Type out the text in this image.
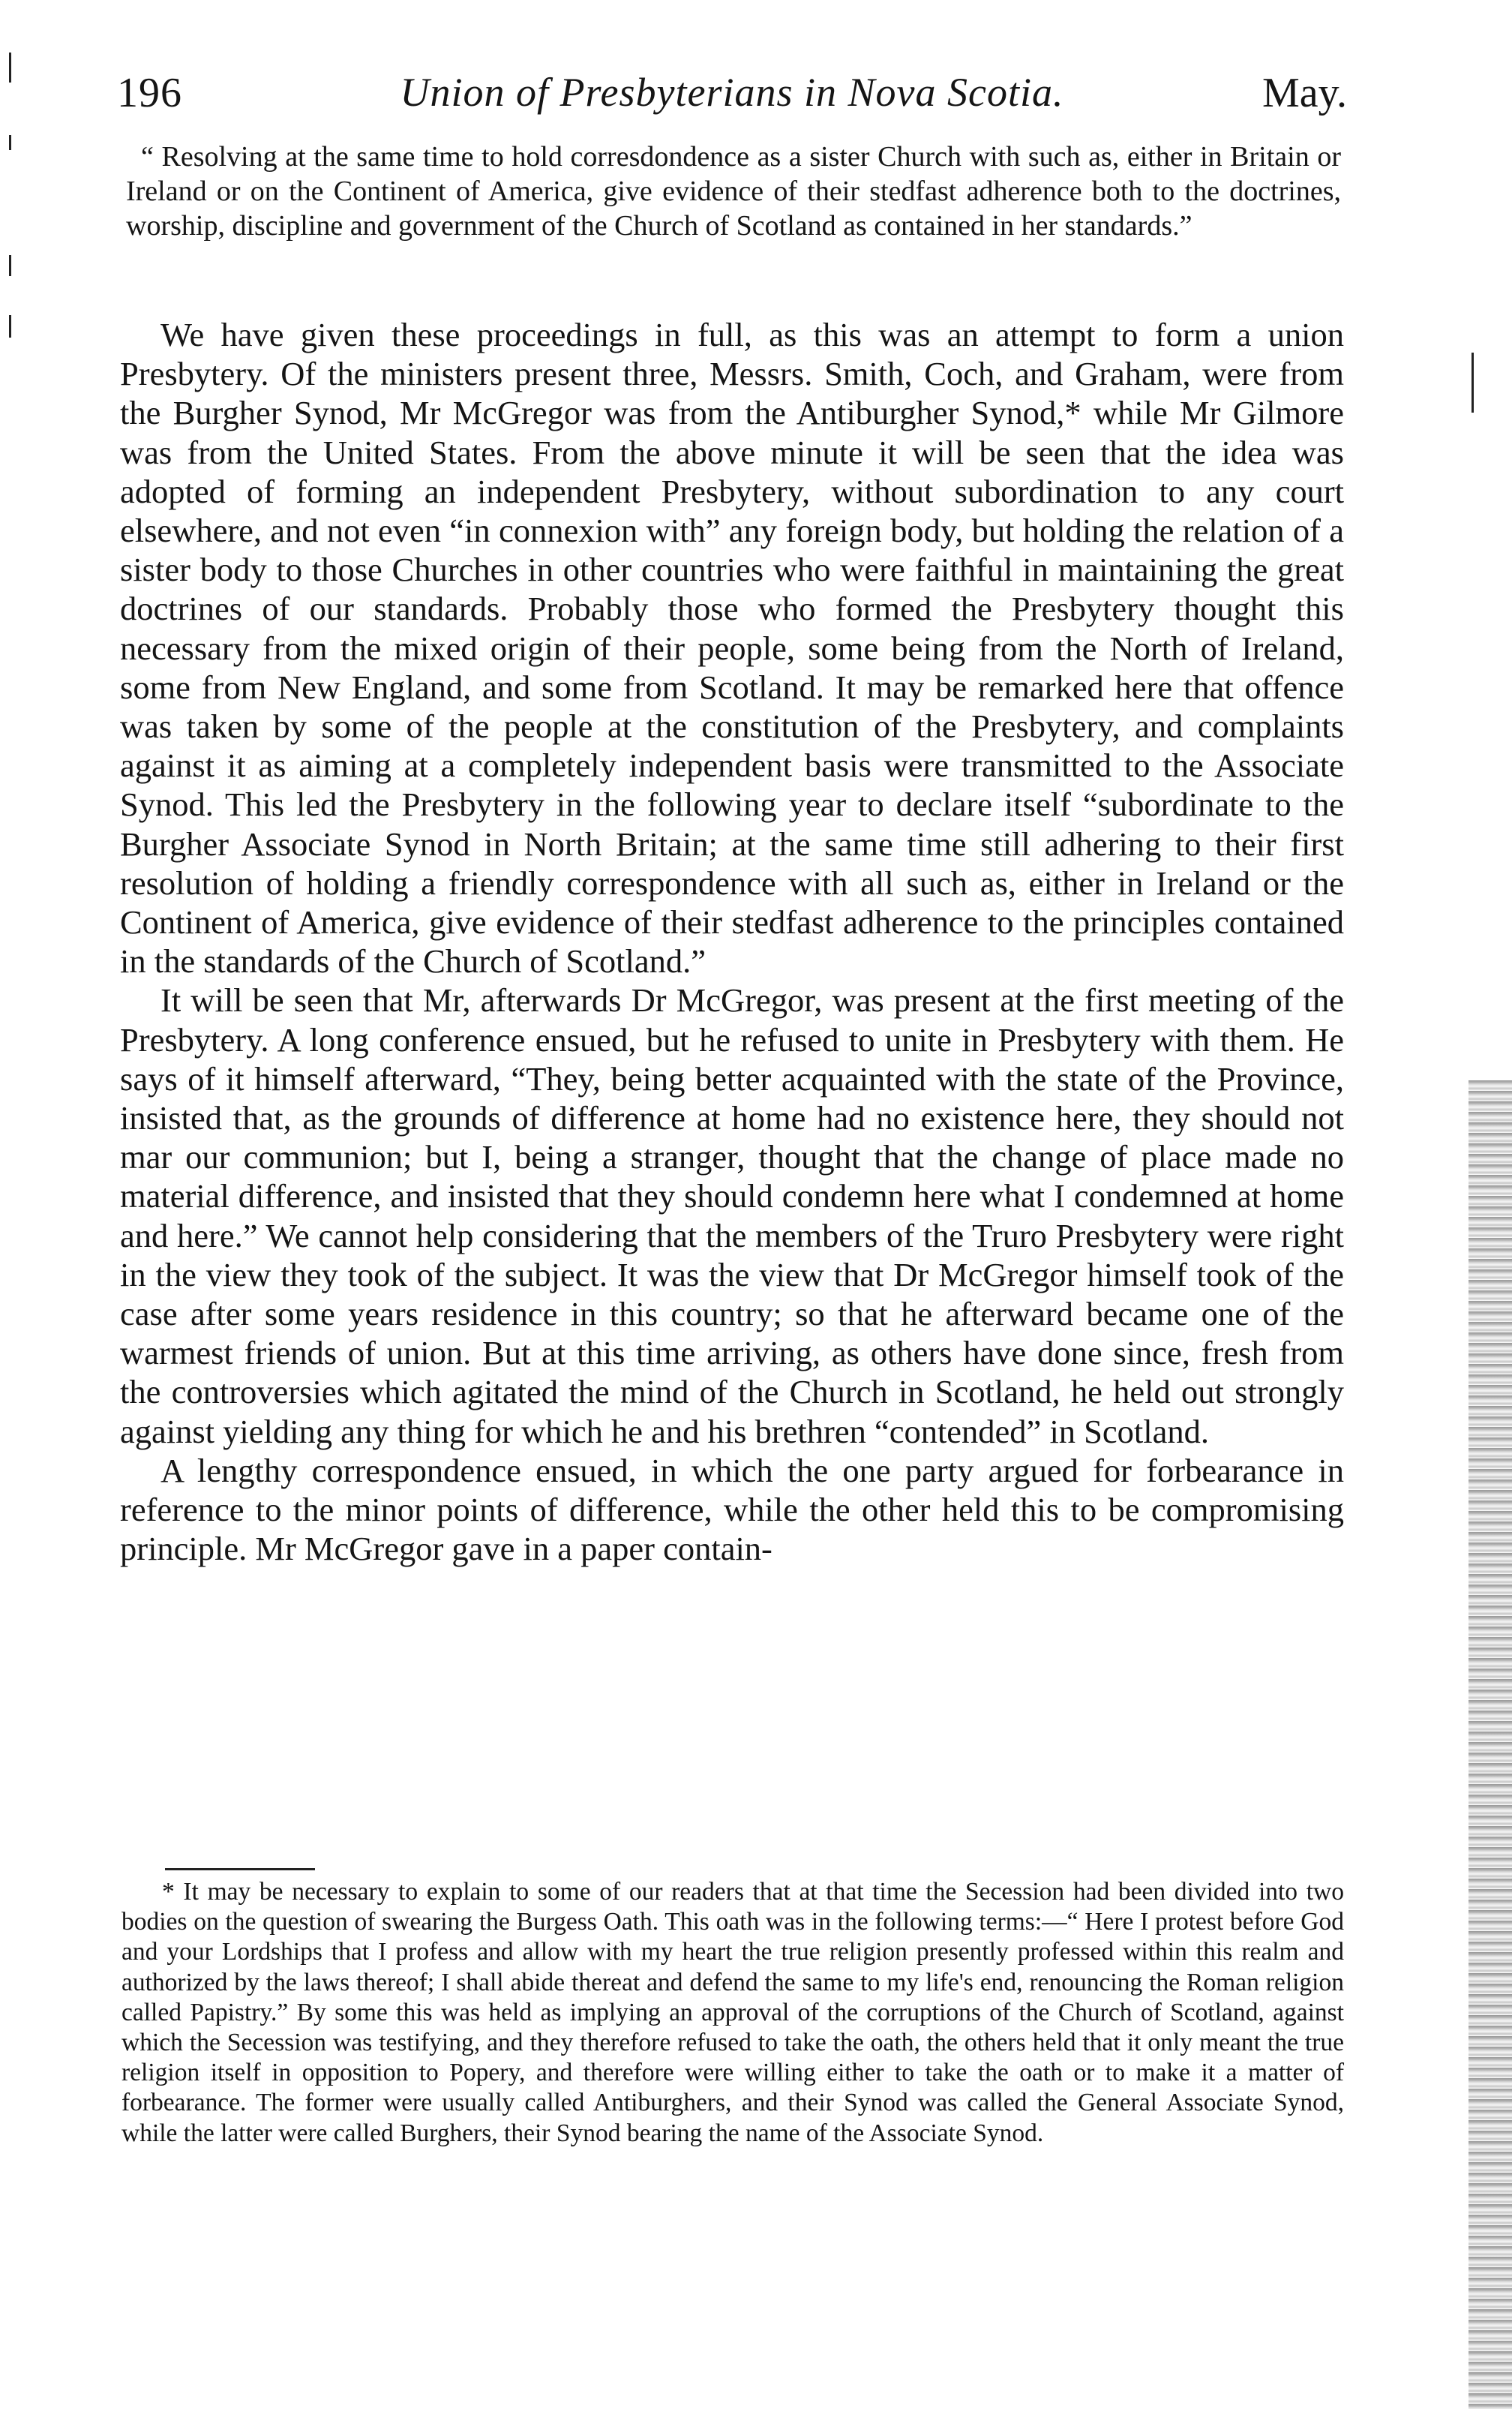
196	Union of Presbyterians in Nova Scotia.	May.
“ Resolving at the same time to hold corresdondence as a sister Church with such as, either in Britain or Ireland or on the Continent of America, give evidence of their stedfast adherence both to the doctrines, worship, discipline and government of the Church of Scotland as contained in her standards.”

We have given these proceedings in full, as this was an attempt to form a union Presbytery. Of the ministers present three, Messrs. Smith, Coch, and Graham, were from the Burgher Synod, Mr McGregor was from the Antiburgher Synod,* while Mr Gilmore was from the United States. From the above minute it will be seen that the idea was adopted of forming an independent Presbytery, without subordination to any court elsewhere, and not even “in connexion with” any foreign body, but holding the relation of a sister body to those Churches in other countries who were faithful in maintaining the great doctrines of our standards. Probably those who formed the Presbytery thought this necessary from the mixed origin of their people, some being from the North of Ireland, some from New England, and some from Scotland. It may be remarked here that offence was taken by some of the people at the constitution of the Presbytery, and complaints against it as aiming at a completely independent basis were transmitted to the Associate Synod. This led the Presbytery in the following year to declare itself “subordinate to the Burgher Associate Synod in North Britain; at the same time still adhering to their first resolution of holding a friendly correspondence with all such as, either in Ireland or the Continent of America, give evidence of their stedfast adherence to the principles contained in the standards of the Church of Scotland.”

It will be seen that Mr, afterwards Dr McGregor, was present at the first meeting of the Presbytery. A long conference ensued, but he refused to unite in Presbytery with them. He says of it himself afterward, “They, being better acquainted with the state of the Province, insisted that, as the grounds of difference at home had no existence here, they should not mar our communion; but I, being a stranger, thought that the change of place made no material difference, and insisted that they should condemn here what I condemned at home and here.” We cannot help considering that the members of the Truro Presbytery were right in the view they took of the subject. It was the view that Dr McGregor himself took of the case after some years residence in this country; so that he afterward became one of the warmest friends of union. But at this time arriving, as others have done since, fresh from the controversies which agitated the mind of the Church in Scotland, he held out strongly against yielding any thing for which he and his brethren “contended” in Scotland.

A lengthy correspondence ensued, in which the one party argued for forbearance in reference to the minor points of difference, while the other held this to be compromising principle. Mr McGregor gave in a paper contain-

* It may be necessary to explain to some of our readers that at that time the Secession had been divided into two bodies on the question of swearing the Burgess Oath. This oath was in the following terms:—“ Here I protest before God and your Lordships that I profess and allow with my heart the true religion presently professed within this realm and authorized by the laws thereof; I shall abide thereat and defend the same to my life's end, renouncing the Roman religion called Papistry.” By some this was held as implying an approval of the corruptions of the Church of Scotland, against which the Secession was testifying, and they therefore refused to take the oath, the others held that it only meant the true religion itself in opposition to Popery, and therefore were willing either to take the oath or to make it a matter of forbearance. The former were usually called Antiburghers, and their Synod was called the General Associate Synod, while the latter were called Burghers, their Synod bearing the name of the Associate Synod.
